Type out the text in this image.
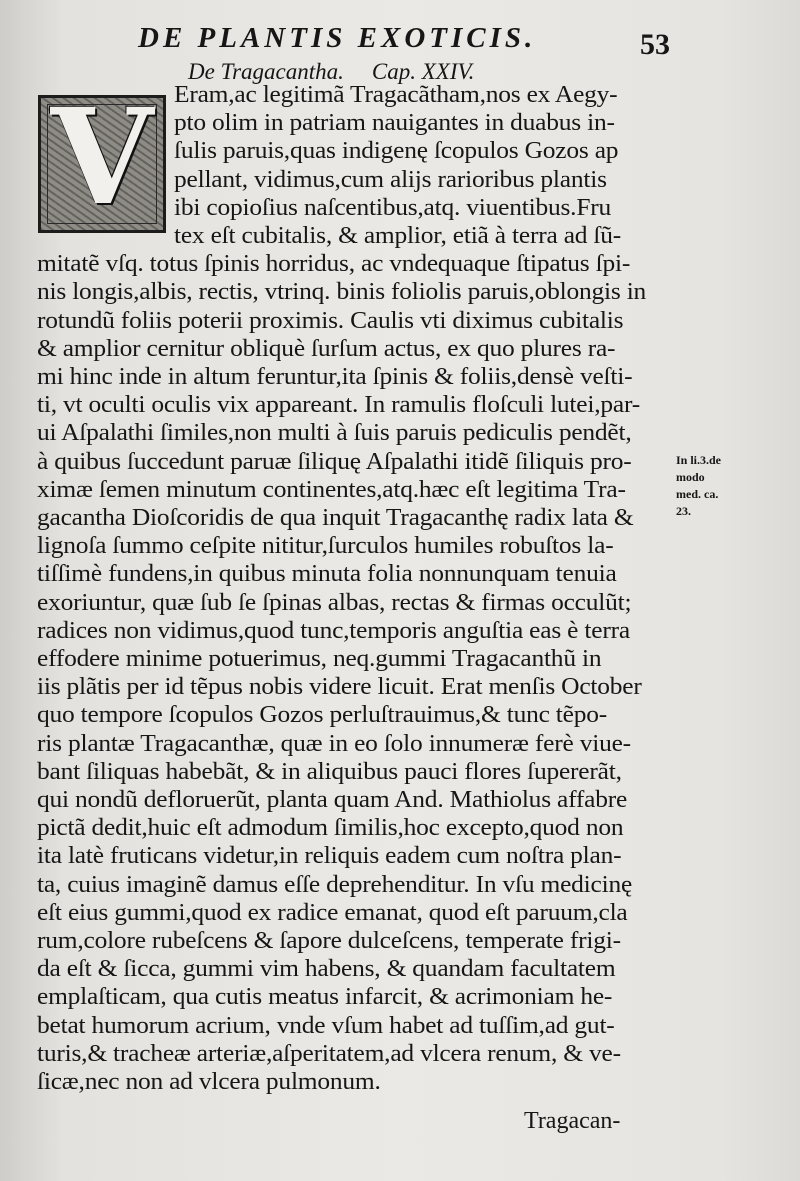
DE PLANTIS EXOTICIS.	53
De Tragacantha. Cap. XXIV.
V Eram,ac legitimã Tragacãtham,nos ex Aegy-
pto olim in patriam nauigantes in duabus in-
ſulis paruis,quas indigenę ſcopulos Gozos ap
pellant, vidimus,cum alijs rarioribus plantis
ibi copioſius naſcentibus,atq. viuentibus.Fru
tex eſt cubitalis, & amplior, etiã à terra ad ſũ-
mitatẽ vſq. totus ſpinis horridus, ac vndequaque ſtipatus ſpi-
nis longis,albis, rectis, vtrinq. binis foliolis paruis,oblongis in
rotundũ foliis poterii proximis. Caulis vti diximus cubitalis
& amplior cernitur obliquè ſurſum actus, ex quo plures ra-
mi hinc inde in altum feruntur,ita ſpinis & foliis,densè veſti-
ti, vt oculti oculis vix appareant. In ramulis floſculi lutei,par-
ui Aſpalathi ſimiles,non multi à ſuis paruis pediculis pendẽt,
à quibus ſuccedunt paruæ ſiliquę Aſpalathi itidẽ ſiliquis pro-
ximæ ſemen minutum continentes,atq.hæc eſt legitima Tra-
gacantha Dioſcoridis de qua inquit Tragacanthę radix lata &
lignoſa ſummo ceſpite nititur,ſurculos humiles robuſtos la-
tiſſimè fundens,in quibus minuta folia nonnunquam tenuia
exoriuntur, quæ ſub ſe ſpinas albas, rectas & firmas occulũt;
radices non vidimus,quod tunc,temporis anguſtia eas è terra
effodere minime potuerimus, neq.gummi Tragacanthũ in
iis plãtis per id tẽpus nobis videre licuit. Erat menſis October
quo tempore ſcopulos Gozos perluſtrauimus,& tunc tẽpo-
ris plantæ Tragacanthæ, quæ in eo ſolo innumeræ ferè viue-
bant ſiliquas habebãt, & in aliquibus pauci flores ſupererãt,
qui nondũ defloruerũt, planta quam And. Mathiolus affabre
pictã dedit,huic eſt admodum ſimilis,hoc excepto,quod non
ita latè fruticans videtur,in reliquis eadem cum noſtra plan-
ta, cuius imaginẽ damus eſſe deprehenditur. In vſu medicinę
eſt eius gummi,quod ex radice emanat, quod eſt paruum,cla
rum,colore rubeſcens & ſapore dulceſcens, temperate frigi-
da eſt & ſicca, gummi vim habens, & quandam facultatem
emplaſticam, qua cutis meatus infarcit, & acrimoniam he-
betat humorum acrium, vnde vſum habet ad tuſſim,ad gut-
turis,& tracheæ arteriæ,aſperitatem,ad vlcera renum, & ve-
ſicæ,nec non ad vlcera pulmonum.
In li.3.de
modo
med. ca.
23.
Tragacan-
